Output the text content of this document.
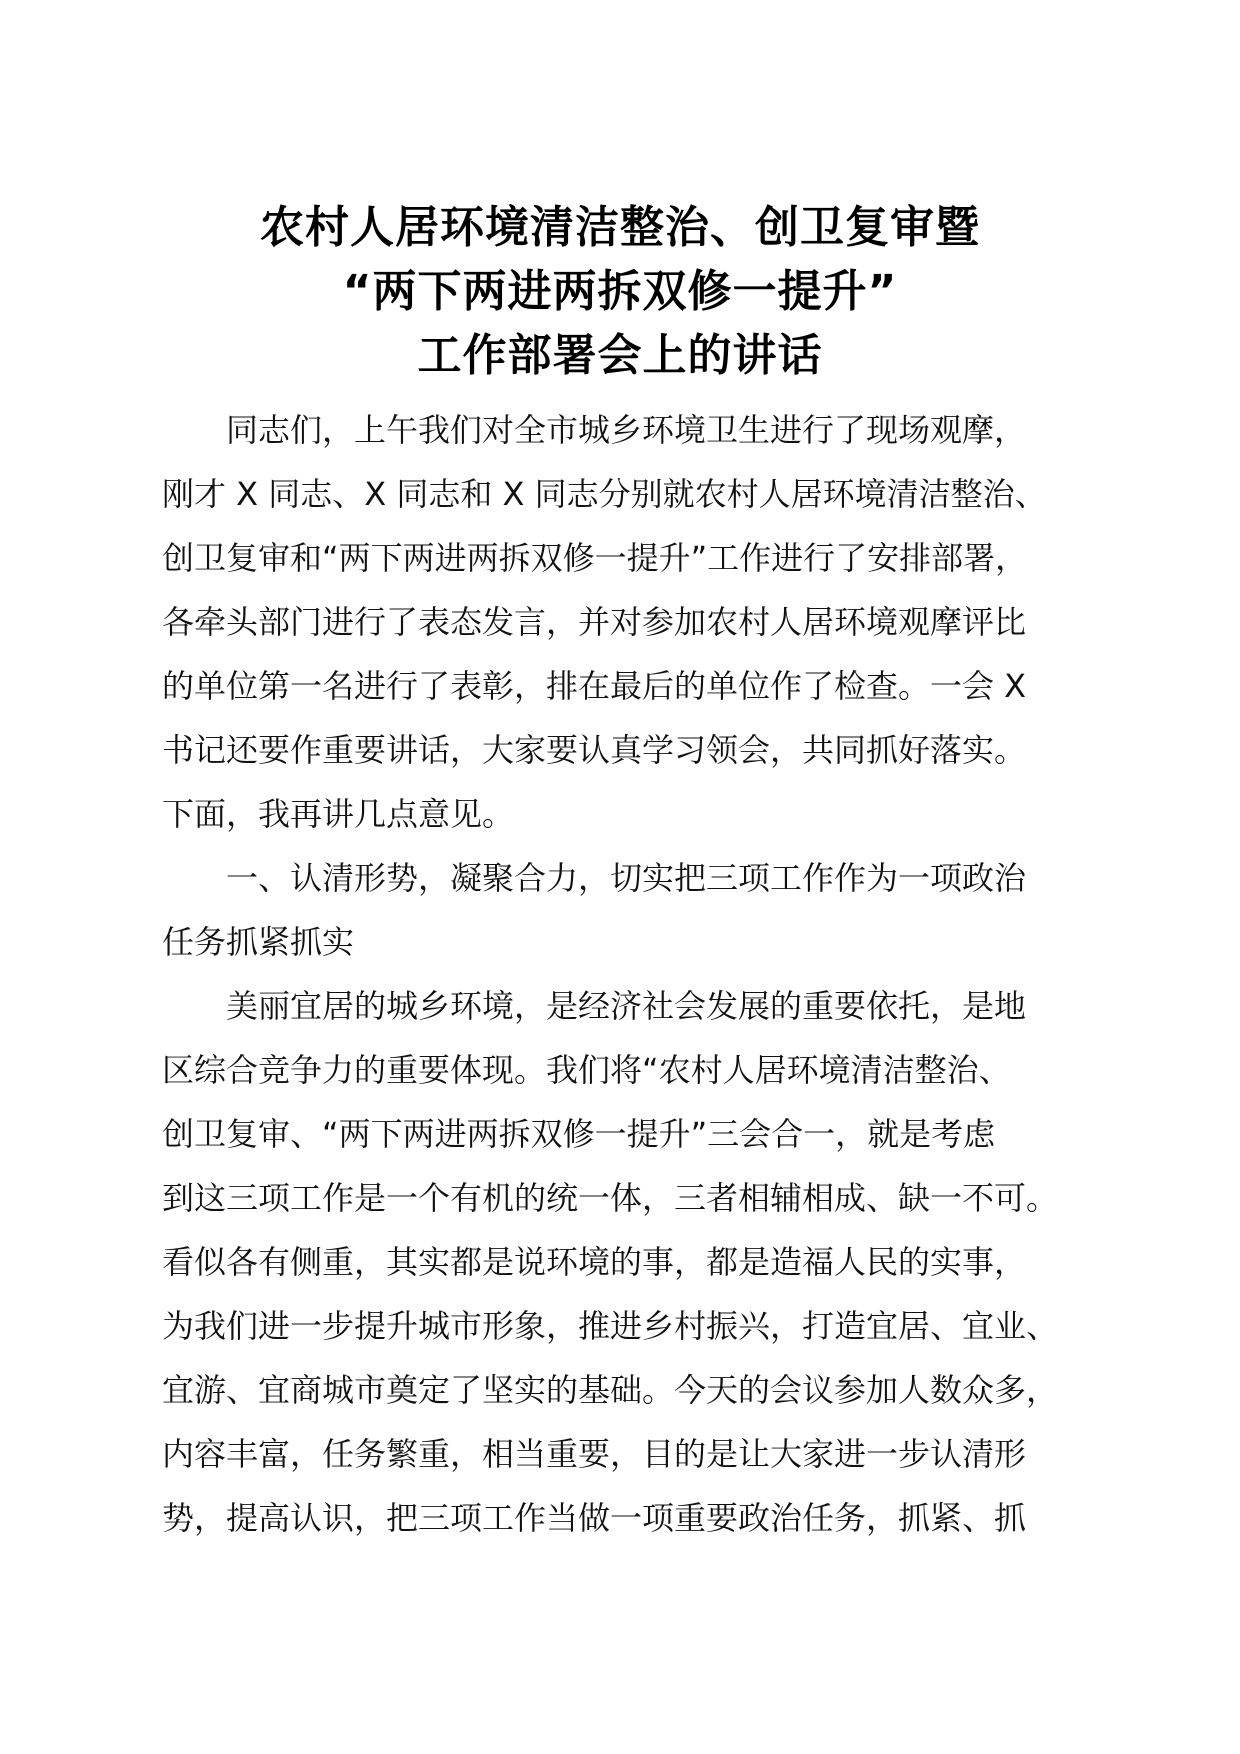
农村人居环境清洁整治、创卫复审暨
“两下两进两拆双修一提升”
工作部署会上的讲话
同志们，上午我们对全市城乡环境卫生进行了现场观摩，
刚才 X 同志、X 同志和 X 同志分别就农村人居环境清洁整治、
创卫复审和“两下两进两拆双修一提升”工作进行了安排部署，
各牵头部门进行了表态发言，并对参加农村人居环境观摩评比
的单位第一名进行了表彰，排在最后的单位作了检查。一会 X
书记还要作重要讲话，大家要认真学习领会，共同抓好落实。
下面，我再讲几点意见。
一、认清形势，凝聚合力，切实把三项工作作为一项政治
任务抓紧抓实
美丽宜居的城乡环境，是经济社会发展的重要依托，是地
区综合竞争力的重要体现。我们将“农村人居环境清洁整治、
创卫复审、“两下两进两拆双修一提升”三会合一，就是考虑
到这三项工作是一个有机的统一体，三者相辅相成、缺一不可。
看似各有侧重，其实都是说环境的事，都是造福人民的实事，
为我们进一步提升城市形象，推进乡村振兴，打造宜居、宜业、
宜游、宜商城市奠定了坚实的基础。今天的会议参加人数众多，
内容丰富，任务繁重，相当重要，目的是让大家进一步认清形
势，提高认识，把三项工作当做一项重要政治任务，抓紧、抓
